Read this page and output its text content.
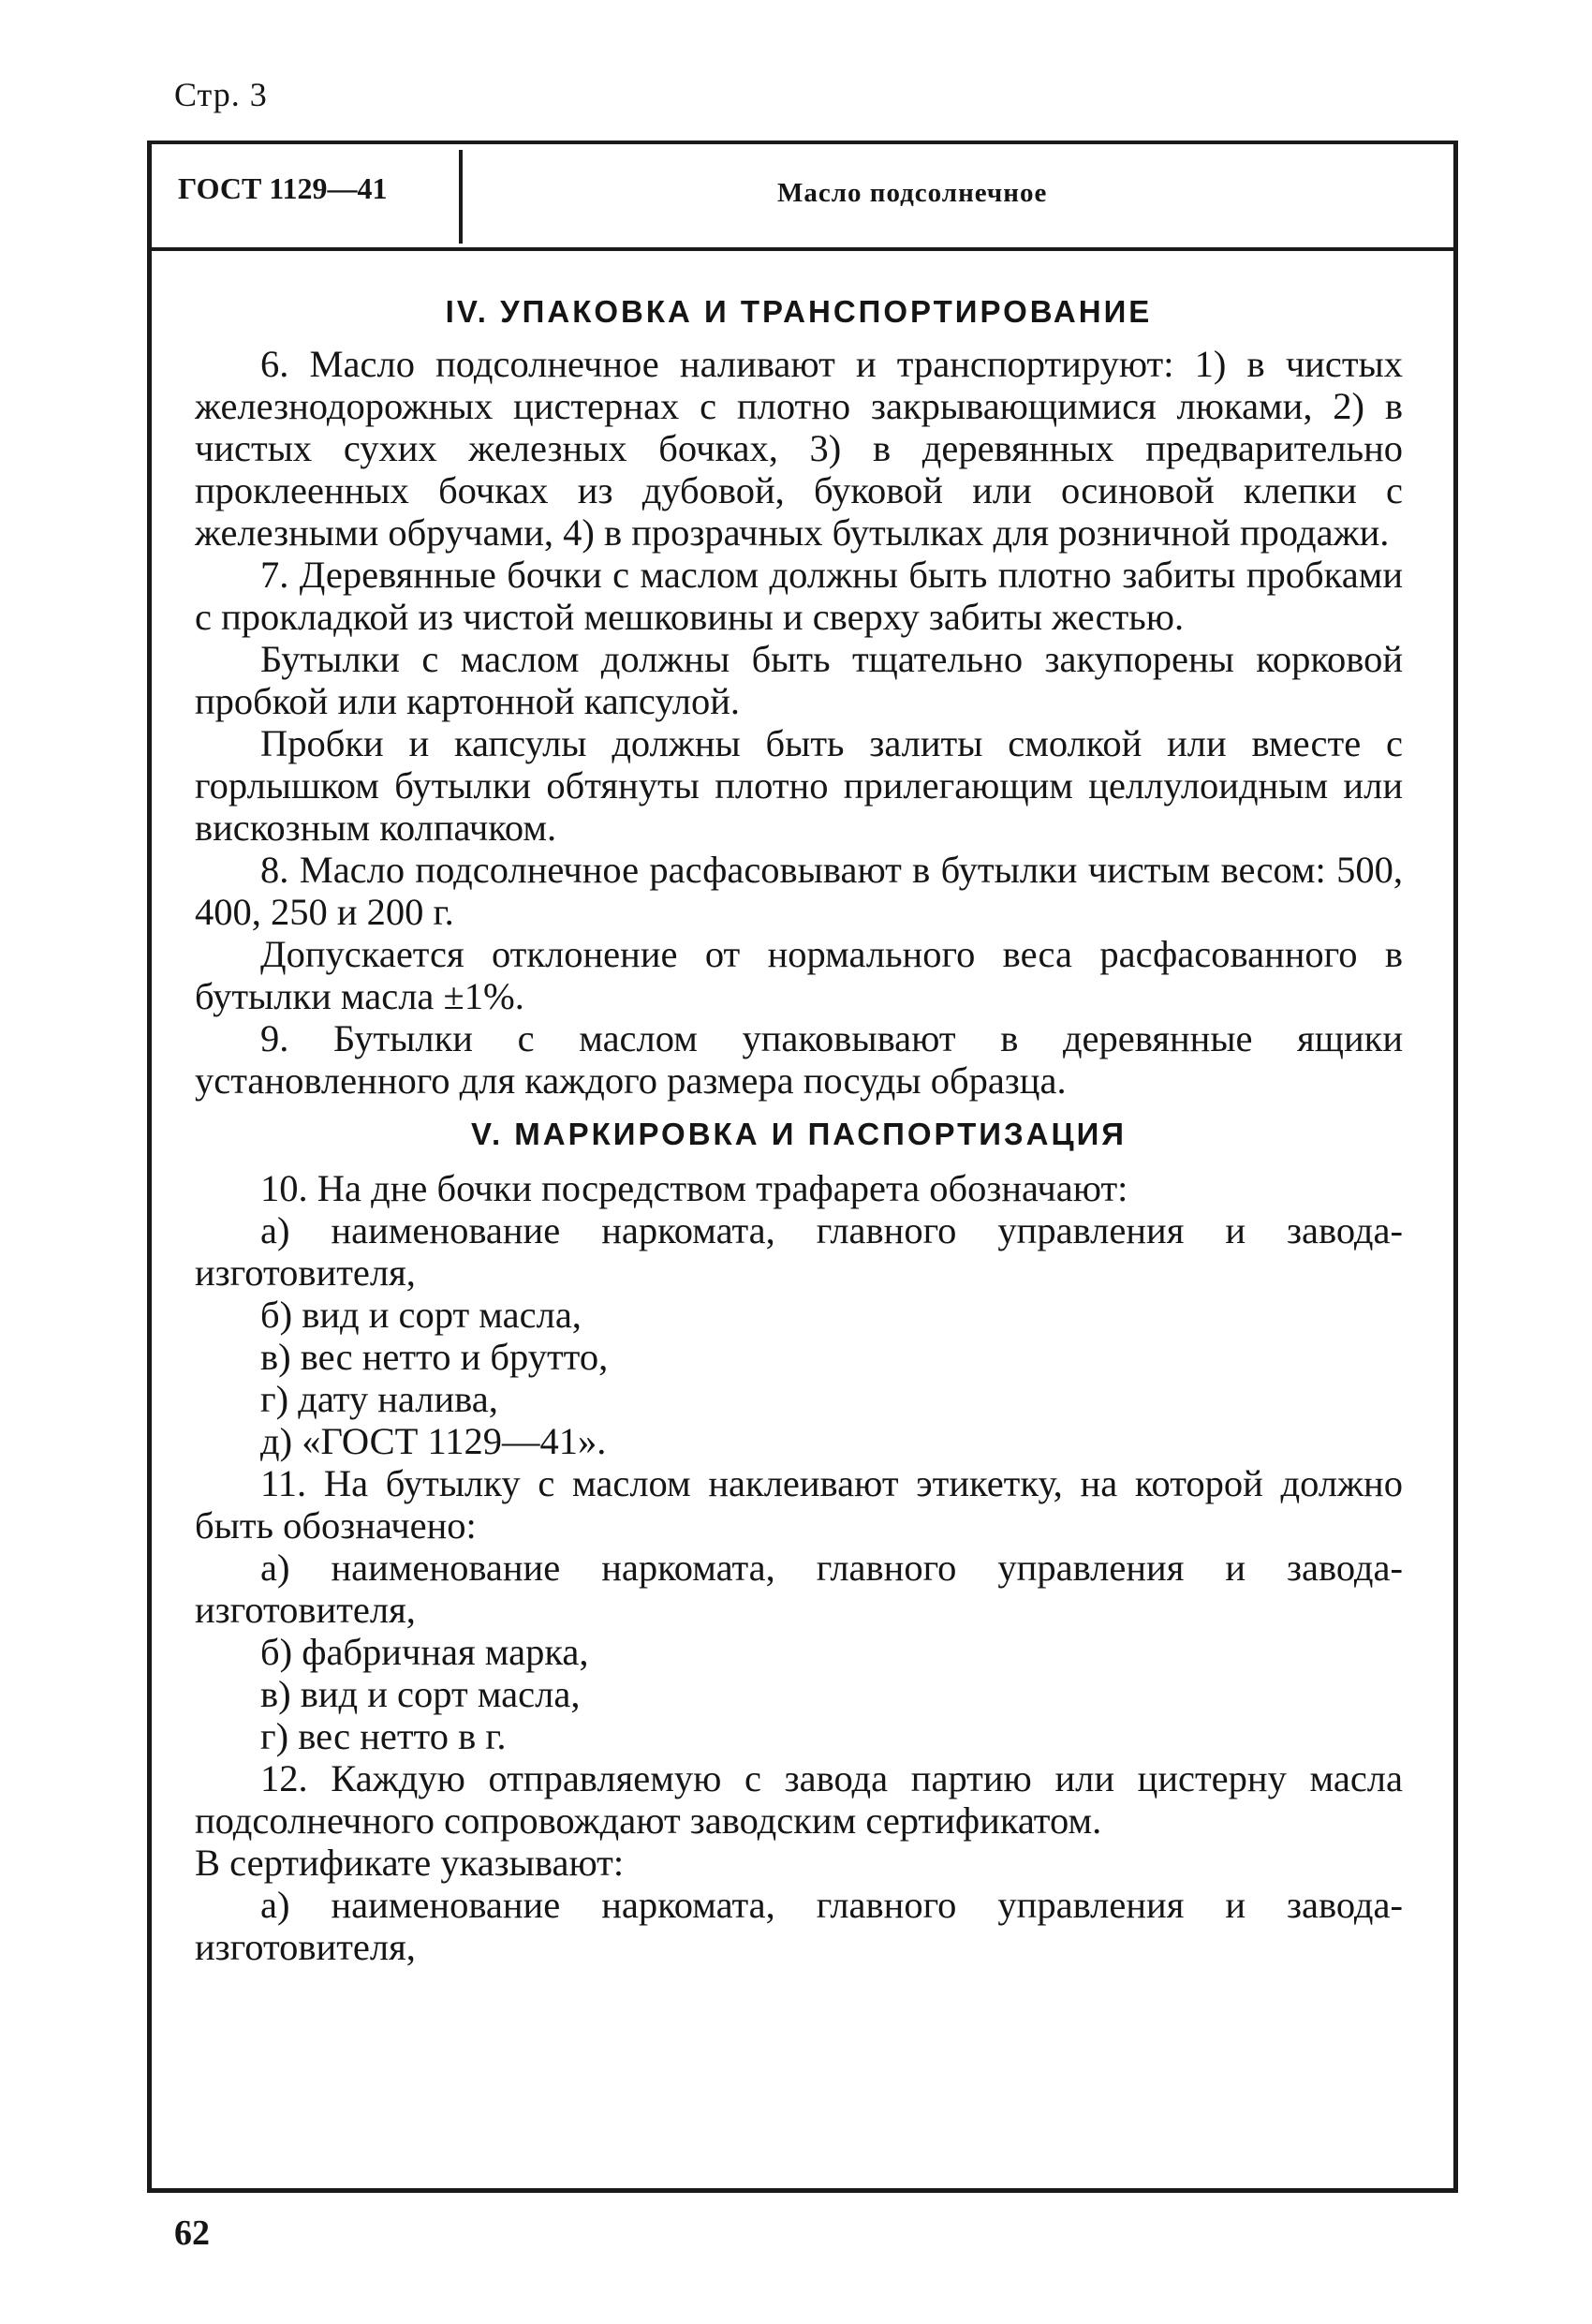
Стр. 3
ГОСТ 1129—41	Масло подсолнечное
IV. УПАКОВКА И ТРАНСПОРТИРОВАНИЕ

6. Масло подсолнечное наливают и транспортируют: 1) в чистых железнодорожных цистернах с плотно закрывающимися люками, 2) в чистых сухих железных бочках, 3) в деревянных предварительно проклеенных бочках из дубовой, буковой или осиновой клепки с железными обручами, 4) в прозрачных бутылках для розничной продажи.

7. Деревянные бочки с маслом должны быть плотно забиты пробками с прокладкой из чистой мешковины и сверху забиты жестью.

Бутылки с маслом должны быть тщательно закупорены корковой пробкой или картонной капсулой.

Пробки и капсулы должны быть залиты смолкой или вместе с горлышком бутылки обтянуты плотно прилегающим целлулоидным или вискозным колпачком.

8. Масло подсолнечное расфасовывают в бутылки чистым весом: 500, 400, 250 и 200 г.

Допускается отклонение от нормального веса расфасованного в бутылки масла ±1%.

9. Бутылки с маслом упаковывают в деревянные ящики установленного для каждого размера посуды образца.

V. МАРКИРОВКА И ПАСПОРТИЗАЦИЯ

10. На дне бочки посредством трафарета обозначают:

а) наименование наркомата, главного управления и завода-изготовителя,

б) вид и сорт масла,

в) вес нетто и брутто,

г) дату налива,

д) «ГОСТ 1129—41».

11. На бутылку с маслом наклеивают этикетку, на которой должно быть обозначено:

а) наименование наркомата, главного управления и завода-изготовителя,

б) фабричная марка,

в) вид и сорт масла,

г) вес нетто в г.

12. Каждую отправляемую с завода партию или цистерну масла подсолнечного сопровождают заводским сертификатом.

В сертификате указывают:

а) наименование наркомата, главного управления и завода-изготовителя,

62
